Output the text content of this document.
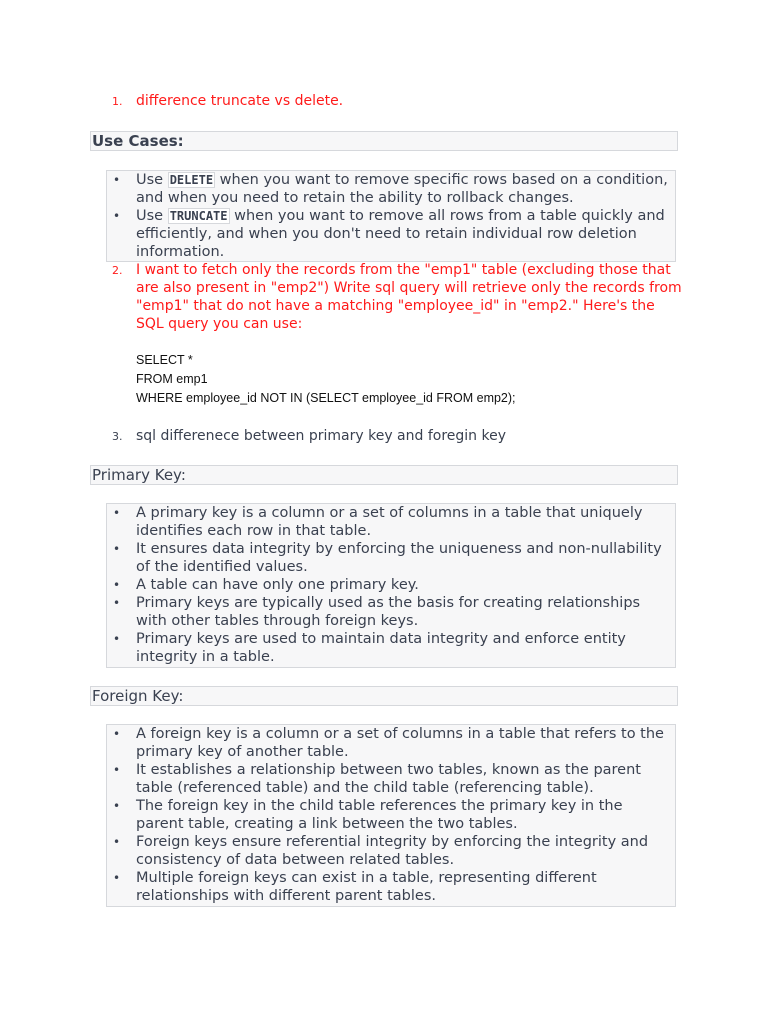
1. difference truncate vs delete.
Use Cases:
• Use DELETE when you want to remove specific rows based on a condition, and when you need to retain the ability to rollback changes.
• Use TRUNCATE when you want to remove all rows from a table quickly and efficiently, and when you don't need to retain individual row deletion information.
2. I want to fetch only the records from the "emp1" table (excluding those that are also present in "emp2") Write sql query will retrieve only the records from "emp1" that do not have a matching "employee_id" in "emp2." Here's the SQL query you can use:
SELECT *
FROM emp1
WHERE employee_id NOT IN (SELECT employee_id FROM emp2);
3. sql differenece between primary key and foregin key
Primary Key:
• A primary key is a column or a set of columns in a table that uniquely identifies each row in that table.
• It ensures data integrity by enforcing the uniqueness and non-nullability of the identified values.
• A table can have only one primary key.
• Primary keys are typically used as the basis for creating relationships with other tables through foreign keys.
• Primary keys are used to maintain data integrity and enforce entity integrity in a table.
Foreign Key:
• A foreign key is a column or a set of columns in a table that refers to the primary key of another table.
• It establishes a relationship between two tables, known as the parent table (referenced table) and the child table (referencing table).
• The foreign key in the child table references the primary key in the parent table, creating a link between the two tables.
• Foreign keys ensure referential integrity by enforcing the integrity and consistency of data between related tables.
• Multiple foreign keys can exist in a table, representing different relationships with different parent tables.
